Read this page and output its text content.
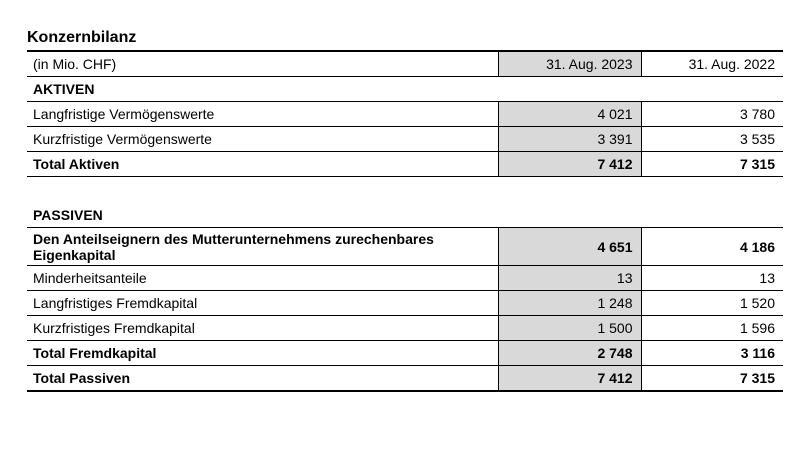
Konzernbilanz
(in Mio. CHF)	31. Aug. 2023	31. Aug. 2022
AKTIVEN		
Langfristige Vermögenswerte	4 021	3 780
Kurzfristige Vermögenswerte	3 391	3 535
Total Aktiven	7 412	7 315

PASSIVEN		
Den Anteilseignern des Mutterunternehmens zurechenbares Eigenkapital	4 651	4 186
Minderheitsanteile	13	13
Langfristiges Fremdkapital	1 248	1 520
Kurzfristiges Fremdkapital	1 500	1 596
Total Fremdkapital	2 748	3 116
Total Passiven	7 412	7 315
